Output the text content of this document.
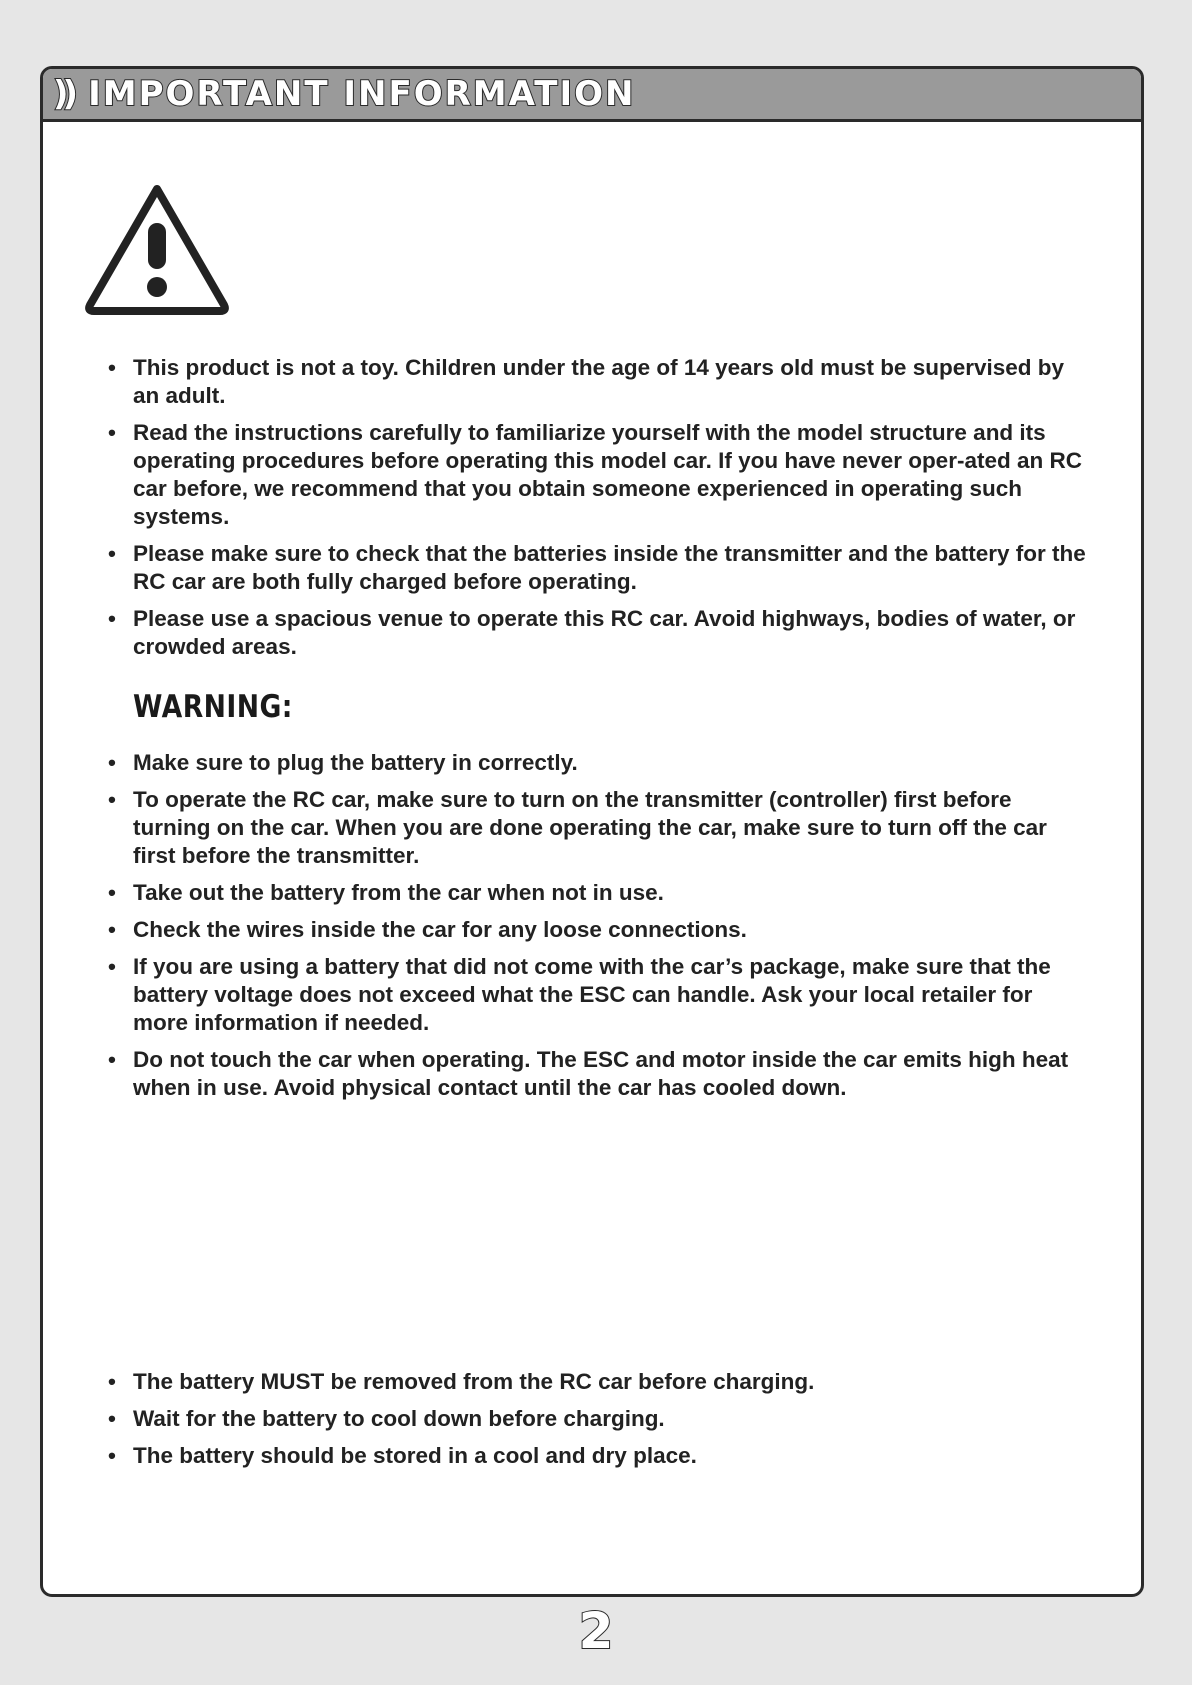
)) IMPORTANT INFORMATION
• This product is not a toy. Children under the age of 14 years old must be supervised by an adult.
• Read the instructions carefully to familiarize yourself with the model structure and its operating procedures before operating this model car. If you have never oper-ated an RC car before, we recommend that you obtain someone experienced in operating such systems.
• Please make sure to check that the batteries inside the transmitter and the battery for the RC car are both fully charged before operating.
• Please use a spacious venue to operate this RC car. Avoid highways, bodies of water, or crowded areas.
WARNING:
• Make sure to plug the battery in correctly.
• To operate the RC car, make sure to turn on the transmitter (controller) first before turning on the car. When you are done operating the car, make sure to turn off the car first before the transmitter.
• Take out the battery from the car when not in use.
• Check the wires inside the car for any loose connections.
• If you are using a battery that did not come with the car’s package, make sure that the battery voltage does not exceed what the ESC can handle. Ask your local retailer for more information if needed.
• Do not touch the car when operating. The ESC and motor inside the car emits high heat when in use. Avoid physical contact until the car has cooled down.
• The battery MUST be removed from the RC car before charging.
• Wait for the battery to cool down before charging.
• The battery should be stored in a cool and dry place.
2
